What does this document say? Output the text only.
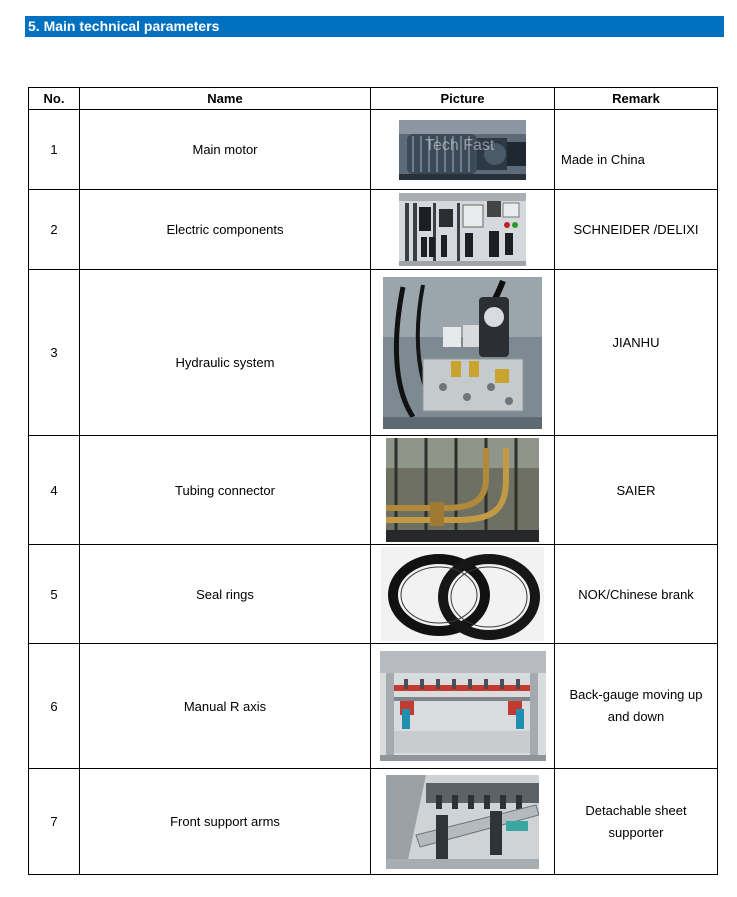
5. Main technical parameters
No.	Name	Picture	Remark
1	Main motor	Tech Fast	Made in China
2	Electric components		SCHNEIDER /DELIXI
3	Hydraulic system		JIANHU
4	Tubing connector		SAIER
5	Seal rings		NOK/Chinese brank
6	Manual R axis		Back-gauge moving up and down
7	Front support arms		Detachable sheet supporter
